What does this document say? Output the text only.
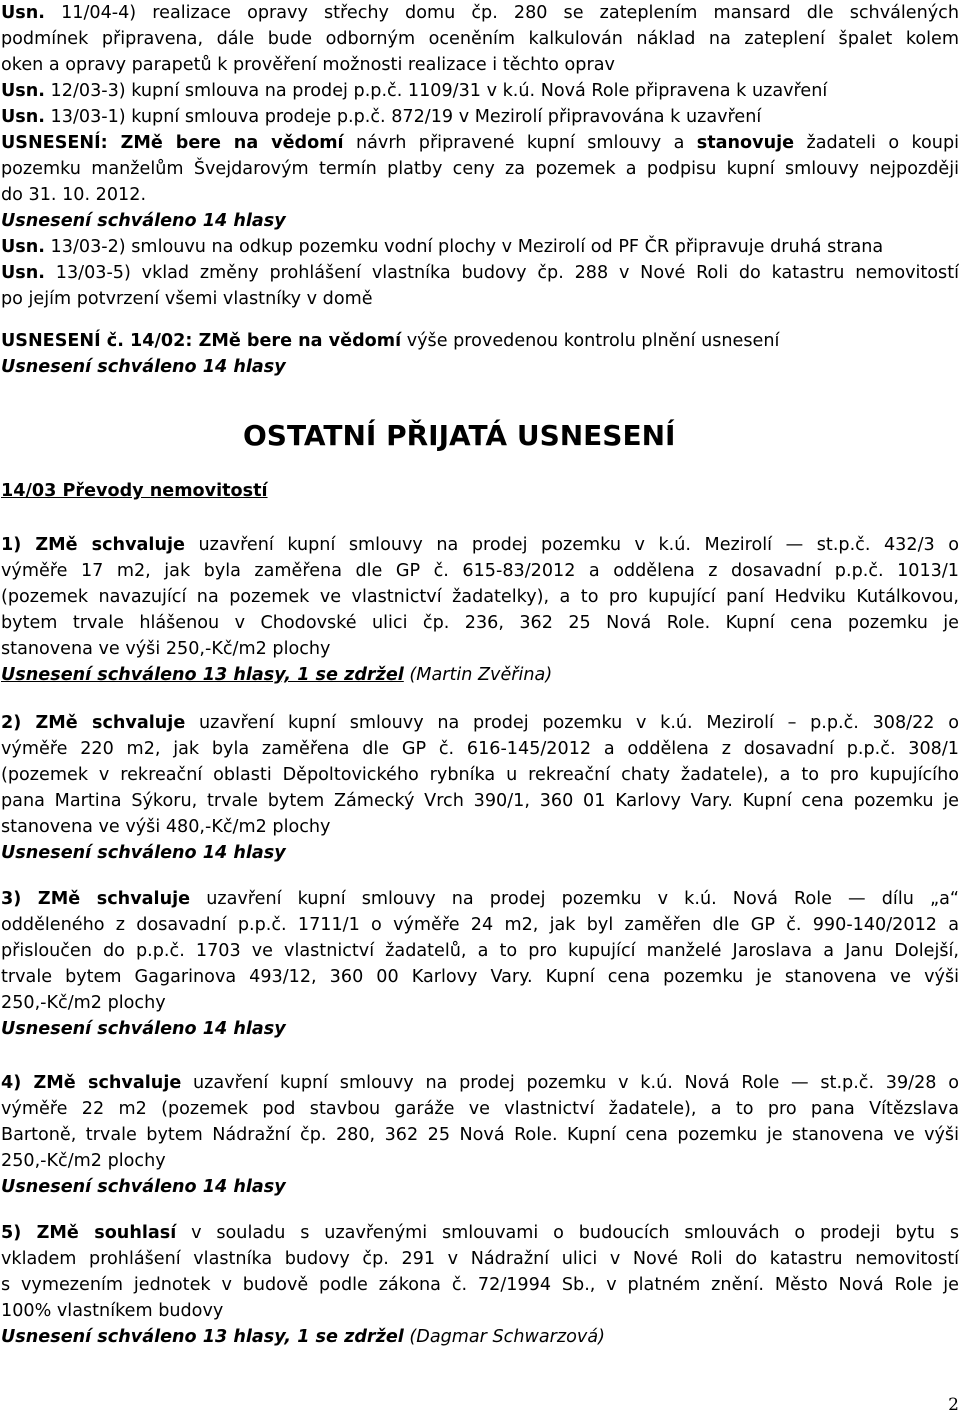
Usn. 11/04-4) realizace opravy střechy domu čp. 280 se zateplením mansard dle schválených
podmínek připravena, dále bude odborným oceněním kalkulován náklad na zateplení špalet kolem
oken a opravy parapetů k prověření možnosti realizace i těchto oprav
Usn. 12/03-3) kupní smlouva na prodej p.p.č. 1109/31 v k.ú. Nová Role připravena k uzavření
Usn. 13/03-1) kupní smlouva prodeje p.p.č. 872/19 v Mezirolí připravována k uzavření
USNESENÍ: ZMě bere na vědomí návrh připravené kupní smlouvy a stanovuje žadateli o koupi
pozemku manželům Švejdarovým termín platby ceny za pozemek a podpisu kupní smlouvy nejpozději
do 31. 10. 2012.
Usnesení schváleno 14 hlasy
Usn. 13/03-2) smlouvu na odkup pozemku vodní plochy v Mezirolí od PF ČR připravuje druhá strana
Usn. 13/03-5) vklad změny prohlášení vlastníka budovy čp. 288 v Nové Roli do katastru nemovitostí
po jejím potvrzení všemi vlastníky v domě
USNESENÍ č. 14/02: ZMě bere na vědomí výše provedenou kontrolu plnění usnesení
Usnesení schváleno 14 hlasy
OSTATNÍ PŘIJATÁ USNESENÍ
14/03 Převody nemovitostí
1) ZMě schvaluje uzavření kupní smlouvy na prodej pozemku v k.ú. Mezirolí — st.p.č. 432/3 o
výměře 17 m2, jak byla zaměřena dle GP č. 615-83/2012 a oddělena z dosavadní p.p.č. 1013/1
(pozemek navazující na pozemek ve vlastnictví žadatelky), a to pro kupující paní Hedviku Kutálkovou,
bytem trvale hlášenou v Chodovské ulici čp. 236, 362 25 Nová Role. Kupní cena pozemku je
stanovena ve výši 250,-Kč/m2 plochy
Usnesení schváleno 13 hlasy, 1 se zdržel (Martin Zvěřina)
2) ZMě schvaluje uzavření kupní smlouvy na prodej pozemku v k.ú. Mezirolí – p.p.č. 308/22 o
výměře 220 m2, jak byla zaměřena dle GP č. 616-145/2012 a oddělena z dosavadní p.p.č. 308/1
(pozemek v rekreační oblasti Děpoltovického rybníka u rekreační chaty žadatele), a to pro kupujícího
pana Martina Sýkoru, trvale bytem Zámecký Vrch 390/1, 360 01 Karlovy Vary. Kupní cena pozemku je
stanovena ve výši 480,-Kč/m2 plochy
Usnesení schváleno 14 hlasy
3) ZMě schvaluje uzavření kupní smlouvy na prodej pozemku v k.ú. Nová Role — dílu „a“
odděleného z dosavadní p.p.č. 1711/1 o výměře 24 m2, jak byl zaměřen dle GP č. 990-140/2012 a
přisloučen do p.p.č. 1703 ve vlastnictví žadatelů, a to pro kupující manželé Jaroslava a Janu Dolejší,
trvale bytem Gagarinova 493/12, 360 00 Karlovy Vary. Kupní cena pozemku je stanovena ve výši
250,-Kč/m2 plochy
Usnesení schváleno 14 hlasy
4) ZMě schvaluje uzavření kupní smlouvy na prodej pozemku v k.ú. Nová Role — st.p.č. 39/28 o
výměře 22 m2 (pozemek pod stavbou garáže ve vlastnictví žadatele), a to pro pana Vítězslava
Bartoně, trvale bytem Nádražní čp. 280, 362 25 Nová Role. Kupní cena pozemku je stanovena ve výši
250,-Kč/m2 plochy
Usnesení schváleno 14 hlasy
5) ZMě souhlasí v souladu s uzavřenými smlouvami o budoucích smlouvách o prodeji bytu s
vkladem prohlášení vlastníka budovy čp. 291 v Nádražní ulici v Nové Roli do katastru nemovitostí
s vymezením jednotek v budově podle zákona č. 72/1994 Sb., v platném znění. Město Nová Role je
100% vlastníkem budovy
Usnesení schváleno 13 hlasy, 1 se zdržel (Dagmar Schwarzová)
2
